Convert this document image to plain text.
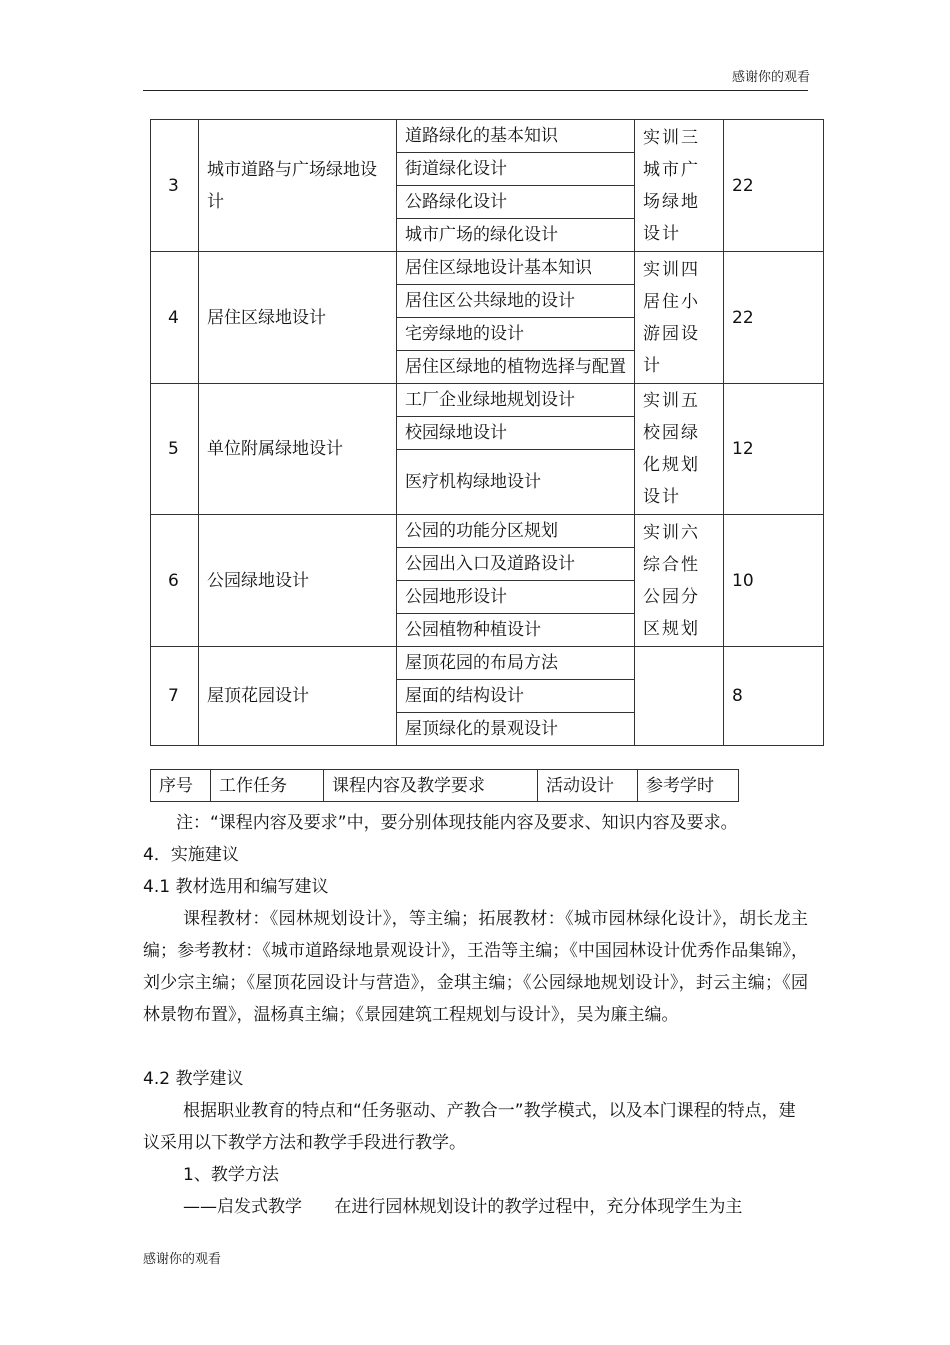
感谢你的观看
3	城市道路与广场绿地设计	道路绿化的基本知识	实训三城市广场绿地设计	22
		街道绿化设计		
		公路绿化设计		
		城市广场的绿化设计		
4	居住区绿地设计	居住区绿地设计基本知识	实训四居住小游园设计	22
		居住区公共绿地的设计		
		宅旁绿地的设计		
		居住区绿地的植物选择与配置		
5	单位附属绿地设计	工厂企业绿地规划设计	实训五校园绿化规划设计	12
		校园绿地设计		
		医疗机构绿地设计		
6	公园绿地设计	公园的功能分区规划	实训六综合性公园分区规划	10
		公园出入口及道路设计		
		公园地形设计		
		公园植物种植设计		
7	屋顶花园设计	屋顶花园的布局方法		8
		屋面的结构设计		
		屋顶绿化的景观设计		
序号	工作任务	课程内容及教学要求	活动设计	参考学时
注：“课程内容及要求”中，要分别体现技能内容及要求、知识内容及要求。
4．实施建议
4.1 教材选用和编写建议
课程教材：《园林规划设计》，等主编；拓展教材：《城市园林绿化设计》，胡长龙主编；参考教材：《城市道路绿地景观设计》，王浩等主编；《中国园林设计优秀作品集锦》，刘少宗主编；《屋顶花园设计与营造》，金琪主编；《公园绿地规划设计》，封云主编；《园林景物布置》，温杨真主编；《景园建筑工程规划与设计》，吴为廉主编。
4.2 教学建议
根据职业教育的特点和“任务驱动、产教合一”教学模式，以及本门课程的特点，建议采用以下教学方法和教学手段进行教学。
1、教学方法
——启发式教学      在进行园林规划设计的教学过程中，充分体现学生为主
感谢你的观看
